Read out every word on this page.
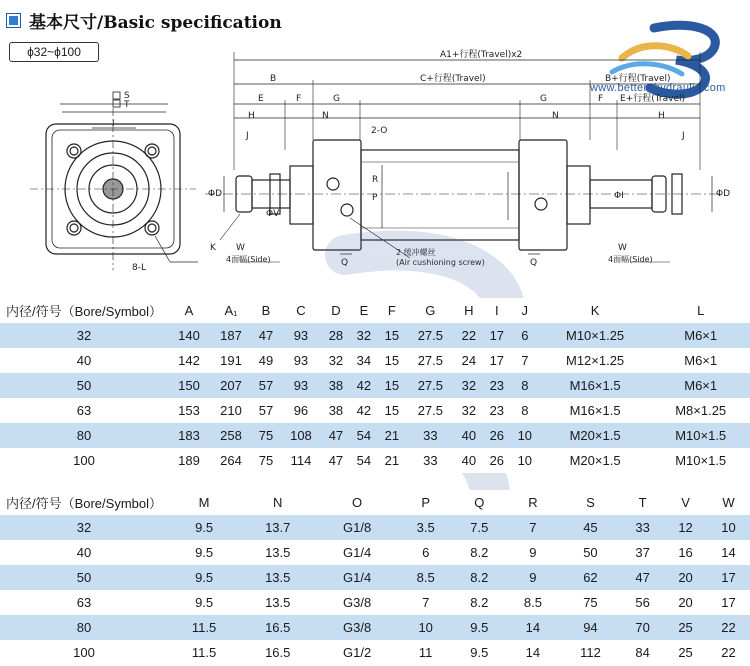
基本尺寸/Basic specification
ϕ32~ϕ100
www.betten-hydraulic.com
S
T
I
8-L
A1+行程(Travel)x2
C+行程(Travel)
B	B+行程(Travel)
E	E+行程(Travel)
F	F
G	G
N	N
H	H
J	J
ΦD	ΦD
ΦV
ΦI
K W	W
2-O
R
P
Q	Q
4面幅(Side)	4面幅(Side)
2 缓冲螺丝
(Air cushioning screw)
内径/符号（Bore/Symbol）	A	A₁	B	C	D	E	F	G	H	I	J	K	L
32	140	187	47	93	28	32	15	27.5	22	17	6	M10×1.25	M6×1
40	142	191	49	93	32	34	15	27.5	24	17	7	M12×1.25	M6×1
50	150	207	57	93	38	42	15	27.5	32	23	8	M16×1.5	M6×1
63	153	210	57	96	38	42	15	27.5	32	23	8	M16×1.5	M8×1.25
80	183	258	75	108	47	54	21	33	40	26	10	M20×1.5	M10×1.5
100	189	264	75	114	47	54	21	33	40	26	10	M20×1.5	M10×1.5
内径/符号（Bore/Symbol）	M	N	O	P	Q	R	S	T	V	W
32	9.5	13.7	G1/8	3.5	7.5	7	45	33	12	10
40	9.5	13.5	G1/4	6	8.2	9	50	37	16	14
50	9.5	13.5	G1/4	8.5	8.2	9	62	47	20	17
63	9.5	13.5	G3/8	7	8.2	8.5	75	56	20	17
80	11.5	16.5	G3/8	10	9.5	14	94	70	25	22
100	11.5	16.5	G1/2	11	9.5	14	112	84	25	22
